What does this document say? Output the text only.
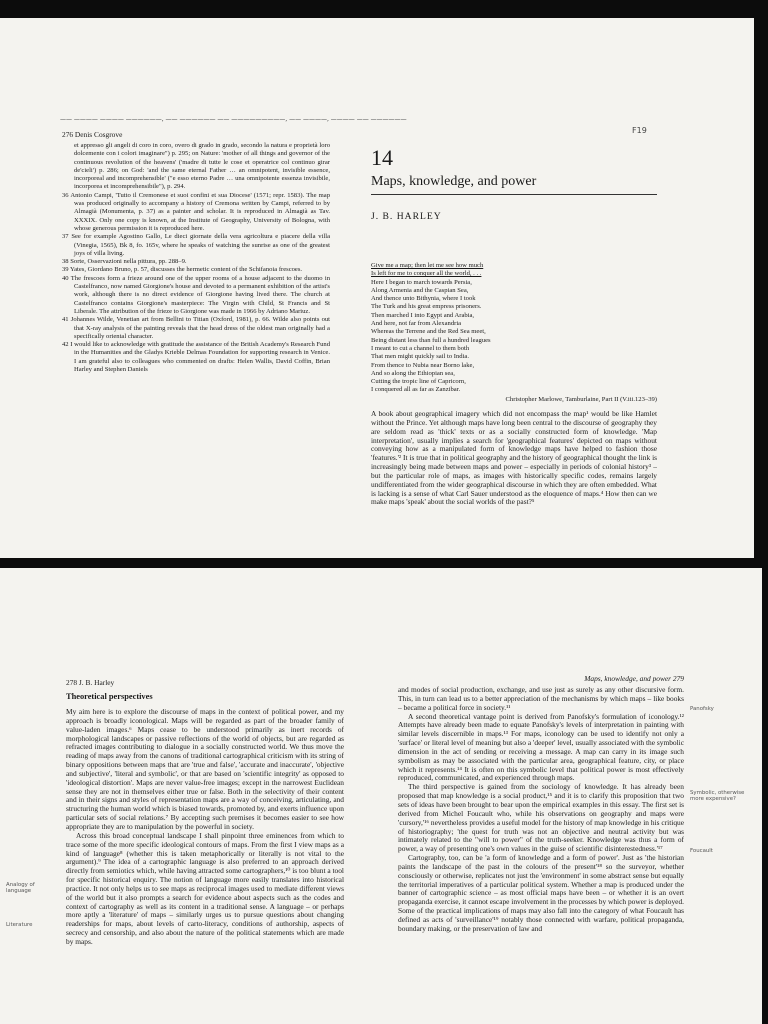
—— ———— ———— ——————, —— —————— —— —————————, —— ————, ———— —— ——————
F19
276 Denis Cosgrove

et appresso gli angeli di coro in coro, overo di grado in grado, secondo la natura e proprietà loro dolcemente con i colori imaginare") p. 295; on Nature: 'mother of all things and governor of the continuous revolution of the heavens' ('madre di tutte le cose et operatrice col continuo girar de'cieli') p. 286; on God: 'and the same eternal Father … an omnipotent, invisible essence, incorporeal and incomprehensible' ("e esso eterno Padre … una omnipotente essenza invisibile, incorporea et incomprehensibile"), p. 294.

36 Antonio Campi, 'Tutto il Cremonese et suoi confini et sua Diocese' (1571; repr. 1583). The map was produced originally to accompany a history of Cremona written by Campi, referred to by Almagià (Monumenta, p. 37) as a painter and scholar. It is reproduced in Almagià as Tav. XXXIX. Only one copy is known, at the Institute of Geography, University of Bologna, with whose generous permission it is reproduced here.

37 See for example Agostino Gallo, Le dieci giornate della vera agricoltura e piacere della villa (Vinegia, 1565), Bk 8, fo. 165v, where he speaks of watching the sunrise as one of the greatest joys of villa living.

38 Sorte, Osservazioni nella pittura, pp. 288–9.

39 Yates, Giordano Bruno, p. 57, discusses the hermetic content of the Schifanoia frescoes.

40 The frescoes form a frieze around one of the upper rooms of a house adjacent to the duomo in Castelfranco, now named Giorgione's house and devoted to a permanent exhibition of the artist's work, although there is no direct evidence of Giorgione having lived there. The church at Castelfranco contains Giorgione's masterpiece: The Virgin with Child, St Francis and St Liberale. The attribution of the frieze to Giorgione was made in 1966 by Adriano Mariuz.

41 Johannes Wilde, Venetian art from Bellini to Titian (Oxford, 1981), p. 66. Wilde also points out that X-ray analysis of the painting reveals that the head dress of the oldest man originally had a specifically oriental character.

42 I would like to acknowledge with gratitude the assistance of the British Academy's Research Fund in the Humanities and the Gladys Krieble Delmas Foundation for supporting research in Venice. I am grateful also to colleagues who commented on drafts: Helen Wallis, David Coffin, Brian Harley and Stephen Daniels

14
Maps, knowledge, and power
J. B. HARLEY
Give me a map; then let me see how much
Is left for me to conquer all the world, . . .
Here I began to march towards Persia,
Along Armenia and the Caspian Sea,
And thence unto Bithynia, where I took
The Turk and his great empress prisoners.
Then marched I into Egypt and Arabia,
And here, not far from Alexandria
Whereas the Terrene and the Red Sea meet,
Being distant less than full a hundred leagues
I meant to cut a channel to them both
That men might quickly sail to India.
From thence to Nubia near Borno lake,
And so along the Ethiopian sea,
Cutting the tropic line of Capricorn,
I conquered all as far as Zanzibar.
Christopher Marlowe, Tamburlaine, Part II (V.iii.123–39)

A book about geographical imagery which did not encompass the map¹ would be like Hamlet without the Prince. Yet although maps have long been central to the discourse of geography they are seldom read as 'thick' texts or as a socially constructed form of knowledge. 'Map interpretation', usually implies a search for 'geographical features' depicted on maps without conveying how as a manipulated form of knowledge maps have helped to fashion those 'features.'² It is true that in political geography and the history of geographical thought the link is increasingly being made between maps and power – especially in periods of colonial history³ – but the particular role of maps, as images with historically specific codes, remains largely undifferentiated from the wider geographical discourse in which they are often embedded. What is lacking is a sense of what Carl Sauer understood as the eloquence of maps.⁴ How then can we make maps 'speak' about the social worlds of the past?⁵

278 J. B. Harley
Theoretical perspectives
Analogy of language
Literature

My aim here is to explore the discourse of maps in the context of political power, and my approach is broadly iconological. Maps will be regarded as part of the broader family of value-laden images.⁶ Maps cease to be understood primarily as inert records of morphological landscapes or passive reflections of the world of objects, but are regarded as refracted images contributing to dialogue in a socially constructed world. We thus move the reading of maps away from the canons of traditional cartographical criticism with its string of binary oppositions between maps that are 'true and false', 'accurate and inaccurate', 'objective and subjective', 'literal and symbolic', or that are based on 'scientific integrity' as opposed to 'ideological distortion'. Maps are never value-free images; except in the narrowest Euclidean sense they are not in themselves either true or false. Both in the selectivity of their content and in their signs and styles of representation maps are a way of conceiving, articulating, and structuring the human world which is biased towards, promoted by, and exerts influence upon particular sets of social relations.⁷ By accepting such premises it becomes easier to see how appropriate they are to manipulation by the powerful in society.

Across this broad conceptual landscape I shall pinpoint three eminences from which to trace some of the more specific ideological contours of maps. From the first I view maps as a kind of language⁸ (whether this is taken metaphorically or literally is not vital to the argument).⁹ The idea of a cartographic language is also preferred to an approach derived directly from semiotics which, while having attracted some cartographers,¹⁰ is too blunt a tool for specific historical enquiry. The notion of language more easily translates into historical practice. It not only helps us to see maps as reciprocal images used to mediate different views of the world but it also prompts a search for evidence about aspects such as the codes and context of cartography as well as its content in a traditional sense. A language – or perhaps more aptly a 'literature' of maps – similarly urges us to pursue questions about changing readerships for maps, about levels of carto-literacy, conditions of authorship, aspects of secrecy and censorship, and also about the nature of the political statements which are made by maps.

Maps, knowledge, and power 279
Panofsky
Symbolic, otherwise more expensive?
Foucault

and modes of social production, exchange, and use just as surely as any other discursive form. This, in turn can lead us to a better appreciation of the mechanisms by which maps – like books – became a political force in society.¹¹

A second theoretical vantage point is derived from Panofsky's formulation of iconology.¹² Attempts have already been made to equate Panofsky's levels of interpretation in painting with similar levels discernible in maps.¹³ For maps, iconology can be used to identify not only a 'surface' or literal level of meaning but also a 'deeper' level, usually associated with the symbolic dimension in the act of sending or receiving a message. A map can carry in its image such symbolism as may be associated with the particular area, geographical feature, city, or place which it represents.¹⁴ It is often on this symbolic level that political power is most effectively reproduced, communicated, and experienced through maps.

The third perspective is gained from the sociology of knowledge. It has already been proposed that map knowledge is a social product,¹⁵ and it is to clarify this proposition that two sets of ideas have been brought to bear upon the empirical examples in this essay. The first set is derived from Michel Foucault who, while his observations on geography and maps were 'cursory,'¹⁶ nevertheless provides a useful model for the history of map knowledge in his critique of historiography; 'the quest for truth was not an objective and neutral activity but was intimately related to the "will to power" of the truth-seeker. Knowledge was thus a form of power, a way of presenting one's own values in the guise of scientific disinterestedness.'¹⁷

Cartography, too, can be 'a form of knowledge and a form of power'. Just as 'the historian paints the landscape of the past in the colours of the present'¹⁸ so the surveyor, whether consciously or otherwise, replicates not just the 'environment' in some abstract sense but equally the territorial imperatives of a particular political system. Whether a map is produced under the banner of cartographic science – as most official maps have been – or whether it is an overt propaganda exercise, it cannot escape involvement in the processes by which power is deployed. Some of the practical implications of maps may also fall into the category of what Foucault has defined as acts of 'surveillance'¹⁹ notably those connected with warfare, political propaganda, boundary making, or the preservation of law and
